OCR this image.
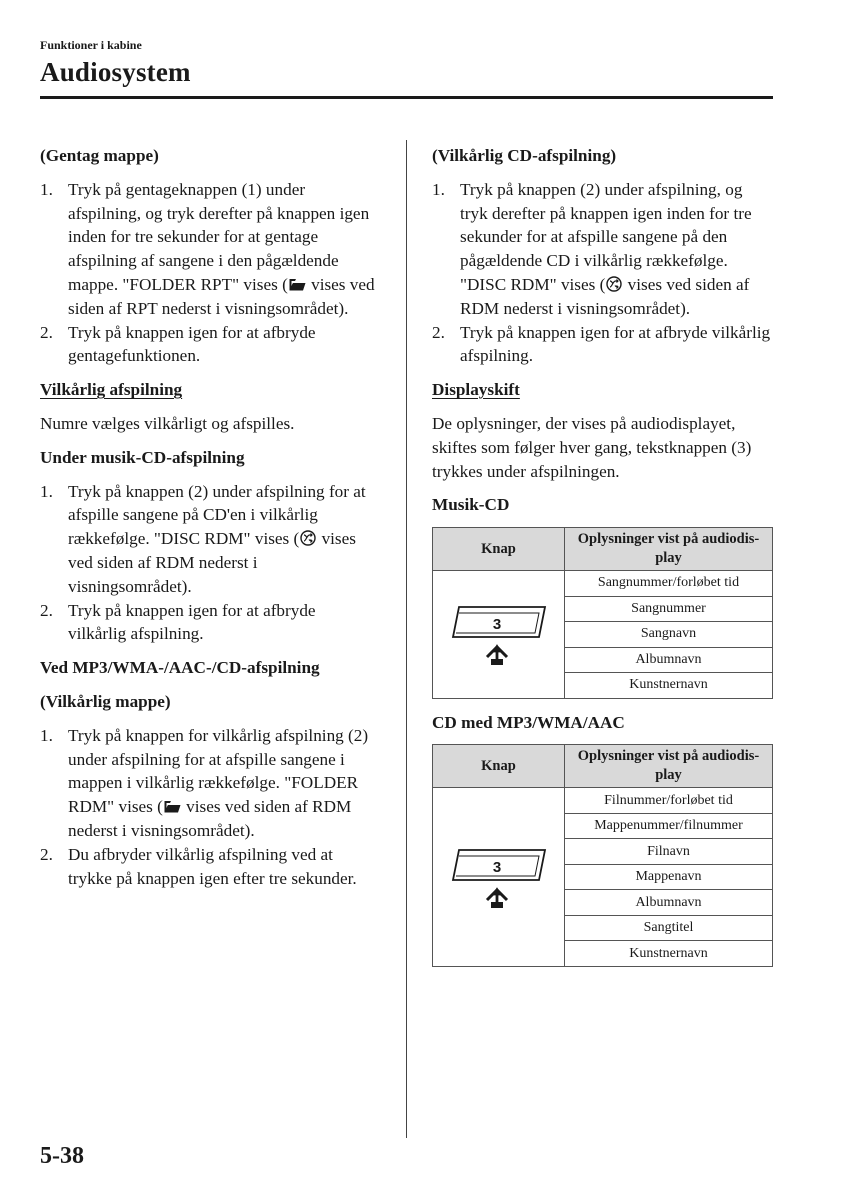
Funktioner i kabine

Audiosystem

(Gentag mappe)

1. Tryk på gentageknappen (1) under afspilning, og tryk derefter på knappen igen inden for tre sekunder for at gentage afspilning af sangene i den pågældende mappe. "FOLDER RPT" vises ( vises ved siden af RPT nederst i visningsområdet).
2. Tryk på knappen igen for at afbryde gentagefunktionen.

Vilkårlig afspilning

Numre vælges vilkårligt og afspilles.

Under musik-CD-afspilning

1. Tryk på knappen (2) under afspilning for at afspille sangene på CD'en i vilkårlig rækkefølge. "DISC RDM" vises ( vises ved siden af RDM nederst i visningsområdet).
2. Tryk på knappen igen for at afbryde vilkårlig afspilning.

Ved MP3/WMA-/AAC-/CD-afspilning

(Vilkårlig mappe)

1. Tryk på knappen for vilkårlig afspilning (2) under afspilning for at afspille sangene i mappen i vilkårlig rækkefølge. "FOLDER RDM" vises ( vises ved siden af RDM nederst i visningsområdet).
2. Du afbryder vilkårlig afspilning ved at trykke på knappen igen efter tre sekunder.

(Vilkårlig CD-afspilning)

1. Tryk på knappen (2) under afspilning, og tryk derefter på knappen igen inden for tre sekunder for at afspille sangene på den pågældende CD i vilkårlig rækkefølge. "DISC RDM" vises ( vises ved siden af RDM nederst i visningsområdet).
2. Tryk på knappen igen for at afbryde vilkårlig afspilning.

Displayskift

De oplysninger, der vises på audiodisplayet, skiftes som følger hver gang, tekstknappen (3) trykkes under afspilningen.

Musik-CD

Knap	Oplysninger vist på audiodis-play

3	Sangnummer/forløbet tid
	Sangnummer
	Sangnavn
	Albumnavn
	Kunstnernavn

CD med MP3/WMA/AAC

Knap	Oplysninger vist på audiodis-play

3	Filnummer/forløbet tid
	Mappenummer/filnummer
	Filnavn
	Mappenavn
	Albumnavn
	Sangtitel
	Kunstnernavn

5-38
